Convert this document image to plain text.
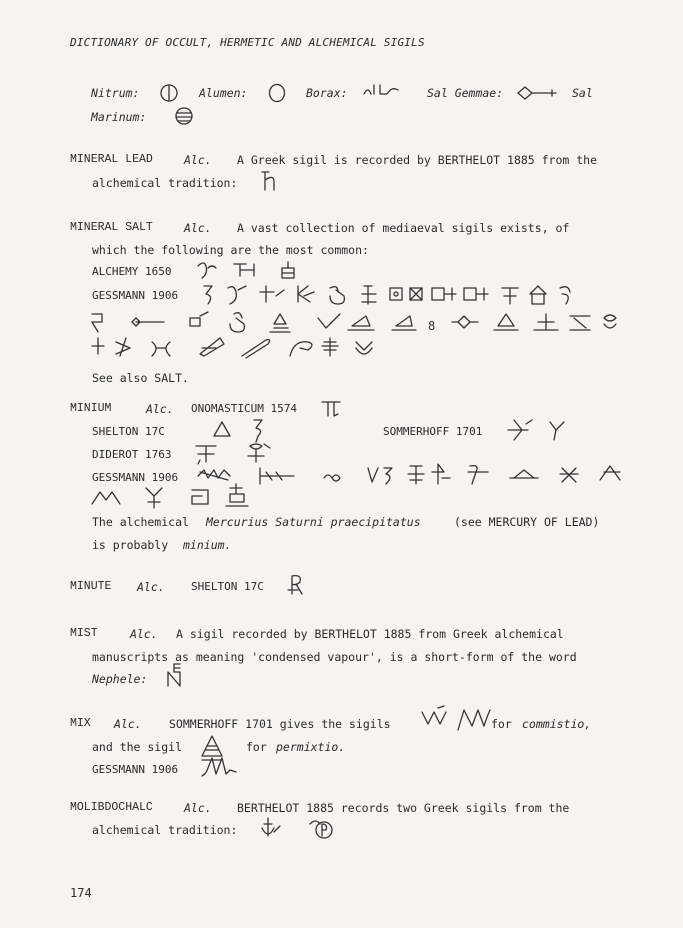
DICTIONARY OF OCCULT, HERMETIC AND ALCHEMICAL SIGILS
Nitrum:	Alumen:	Borax:	Sal Gemmae:	Sal
Marinum:
MINERAL LEAD	Alc. A Greek sigil is recorded by BERTHELOT 1885 from the
alchemical tradition:
MINERAL SALT	Alc. A vast collection of mediaeval sigils exists, of
which the following are the most common:
ALCHEMY 1650
GESSMANN 1906
8
See also SALT.
MINIUM	Alc. ONOMASTICUM 1574
SHELTON 17C	SOMMERHOFF 1701
DIDEROT 1763
GESSMANN 1906
The alchemical Mercurius Saturni praecipitatus	(see MERCURY OF LEAD)
is probably minium.
MINUTE Alc. SHELTON 17C
MIST	Alc. A sigil recorded by BERTHELOT 1885 from Greek alchemical
manuscripts as meaning 'condensed vapour', is a short-form of the word
Nephele:
MIX Alc. SOMMERHOFF 1701 gives the sigils	for commistio,
and the sigil	for permixtio.
GESSMANN 1906
MOLIBDOCHALC	Alc. BERTHELOT 1885 records two Greek sigils from the
alchemical tradition:
174
